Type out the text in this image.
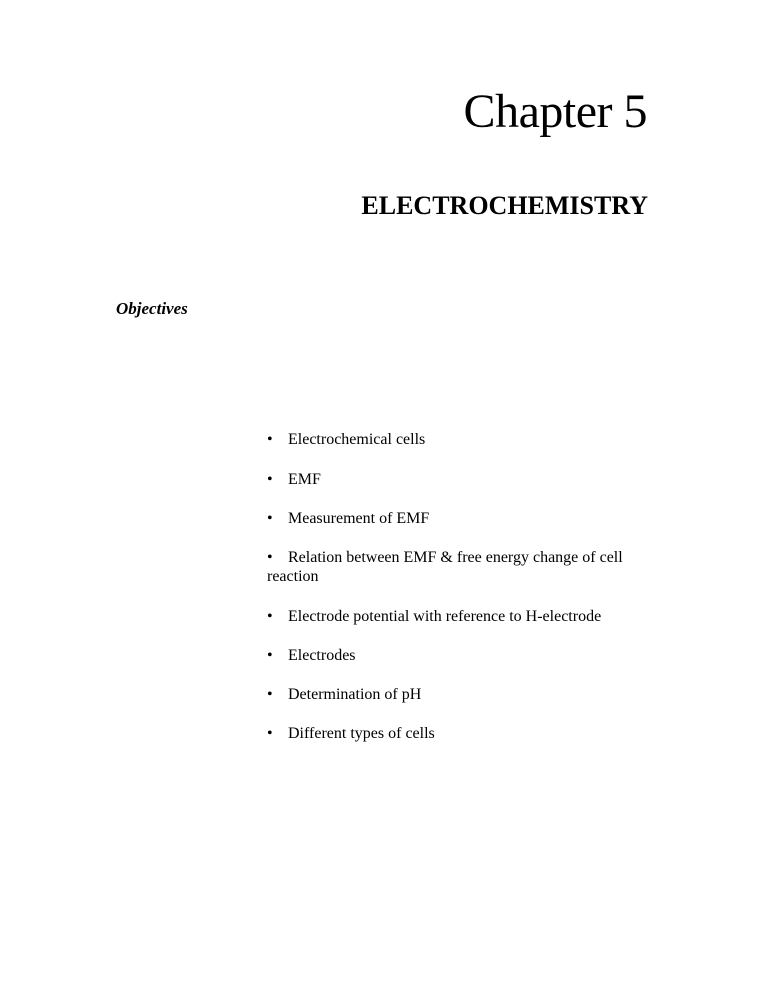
Chapter 5
ELECTROCHEMISTRY
Objectives
• Electrochemical cells
• EMF
• Measurement of EMF
• Relation between EMF & free energy change of cell reaction
• Electrode potential with reference to H-electrode
• Electrodes
• Determination of pH
• Different types of cells
